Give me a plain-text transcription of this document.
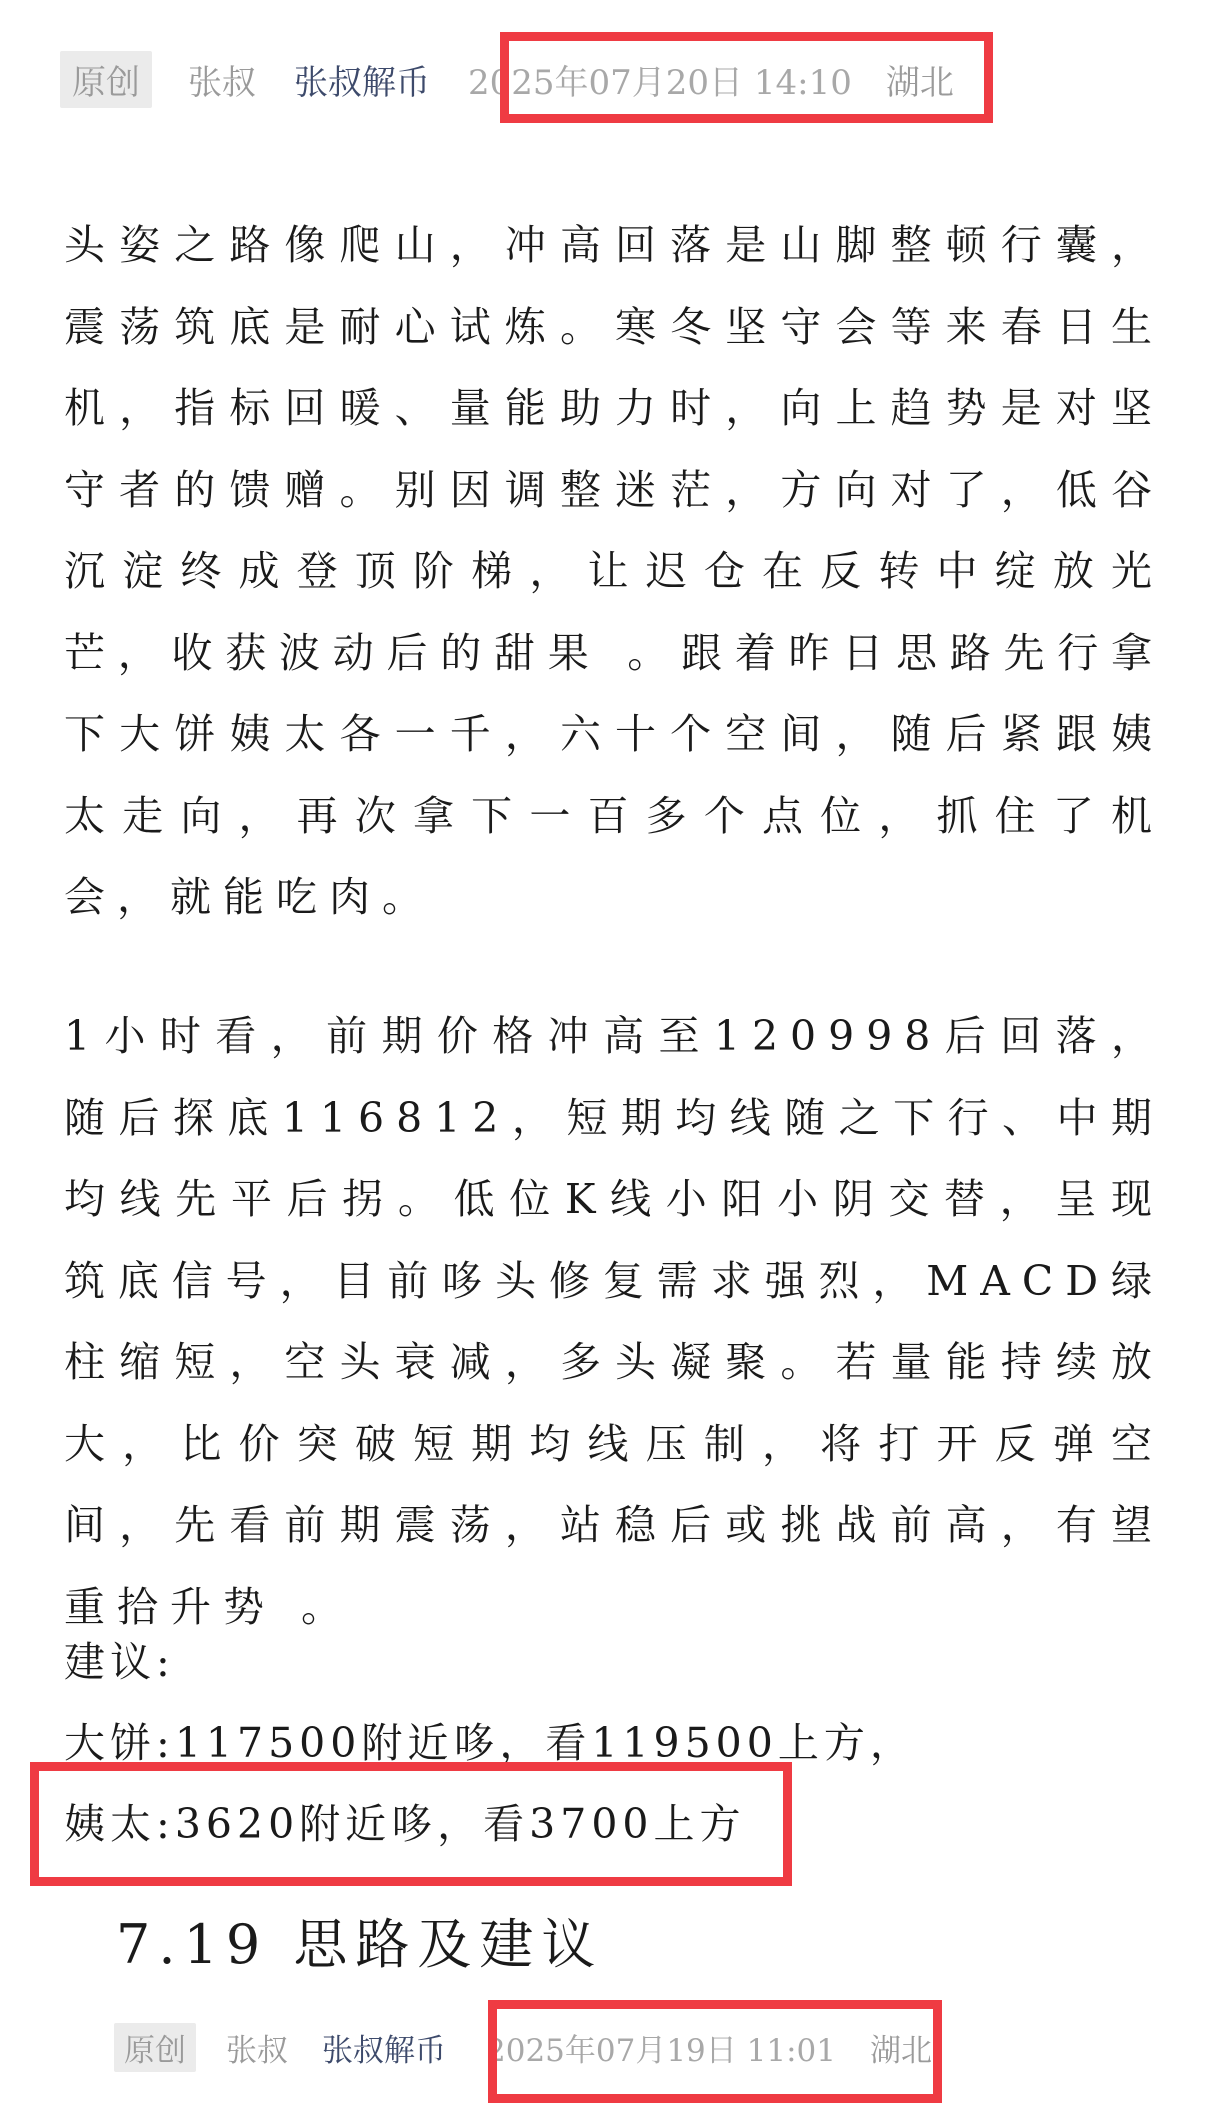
原创	张叔 张叔解币 2025年07月20日 14:10 湖北

头姿之路像爬山，冲高回落是山脚整顿行囊，震荡筑底是耐心试炼。寒冬坚守会等来春日生机，指标回暖、量能助力时，向上趋势是对坚守者的馈赠。别因调整迷茫，方向对了，低谷沉淀终成登顶阶梯，让迟仓在反转中绽放光芒，收获波动后的甜果 。跟着昨日思路先行拿下大饼姨太各一千，六十个空间，随后紧跟姨太走向，再次拿下一百多个点位，抓住了机会，就能吃肉。

1小时看，前期价格冲高至120998后回落，随后探底116812，短期均线随之下行、中期均线先平后拐。低位K线小阳小阴交替，呈现筑底信号，目前哆头修复需求强烈，MACD绿柱缩短，空头衰减，多头凝聚。若量能持续放大，比价突破短期均线压制，将打开反弹空间，先看前期震荡，站稳后或挑战前高，有望重拾升势 。

建议:

大饼:117500附近哆，看119500上方，

姨太:3620附近哆，看3700上方

7.19 思路及建议
原创	张叔 张叔解币 2025年07月19日 11:01 湖北
